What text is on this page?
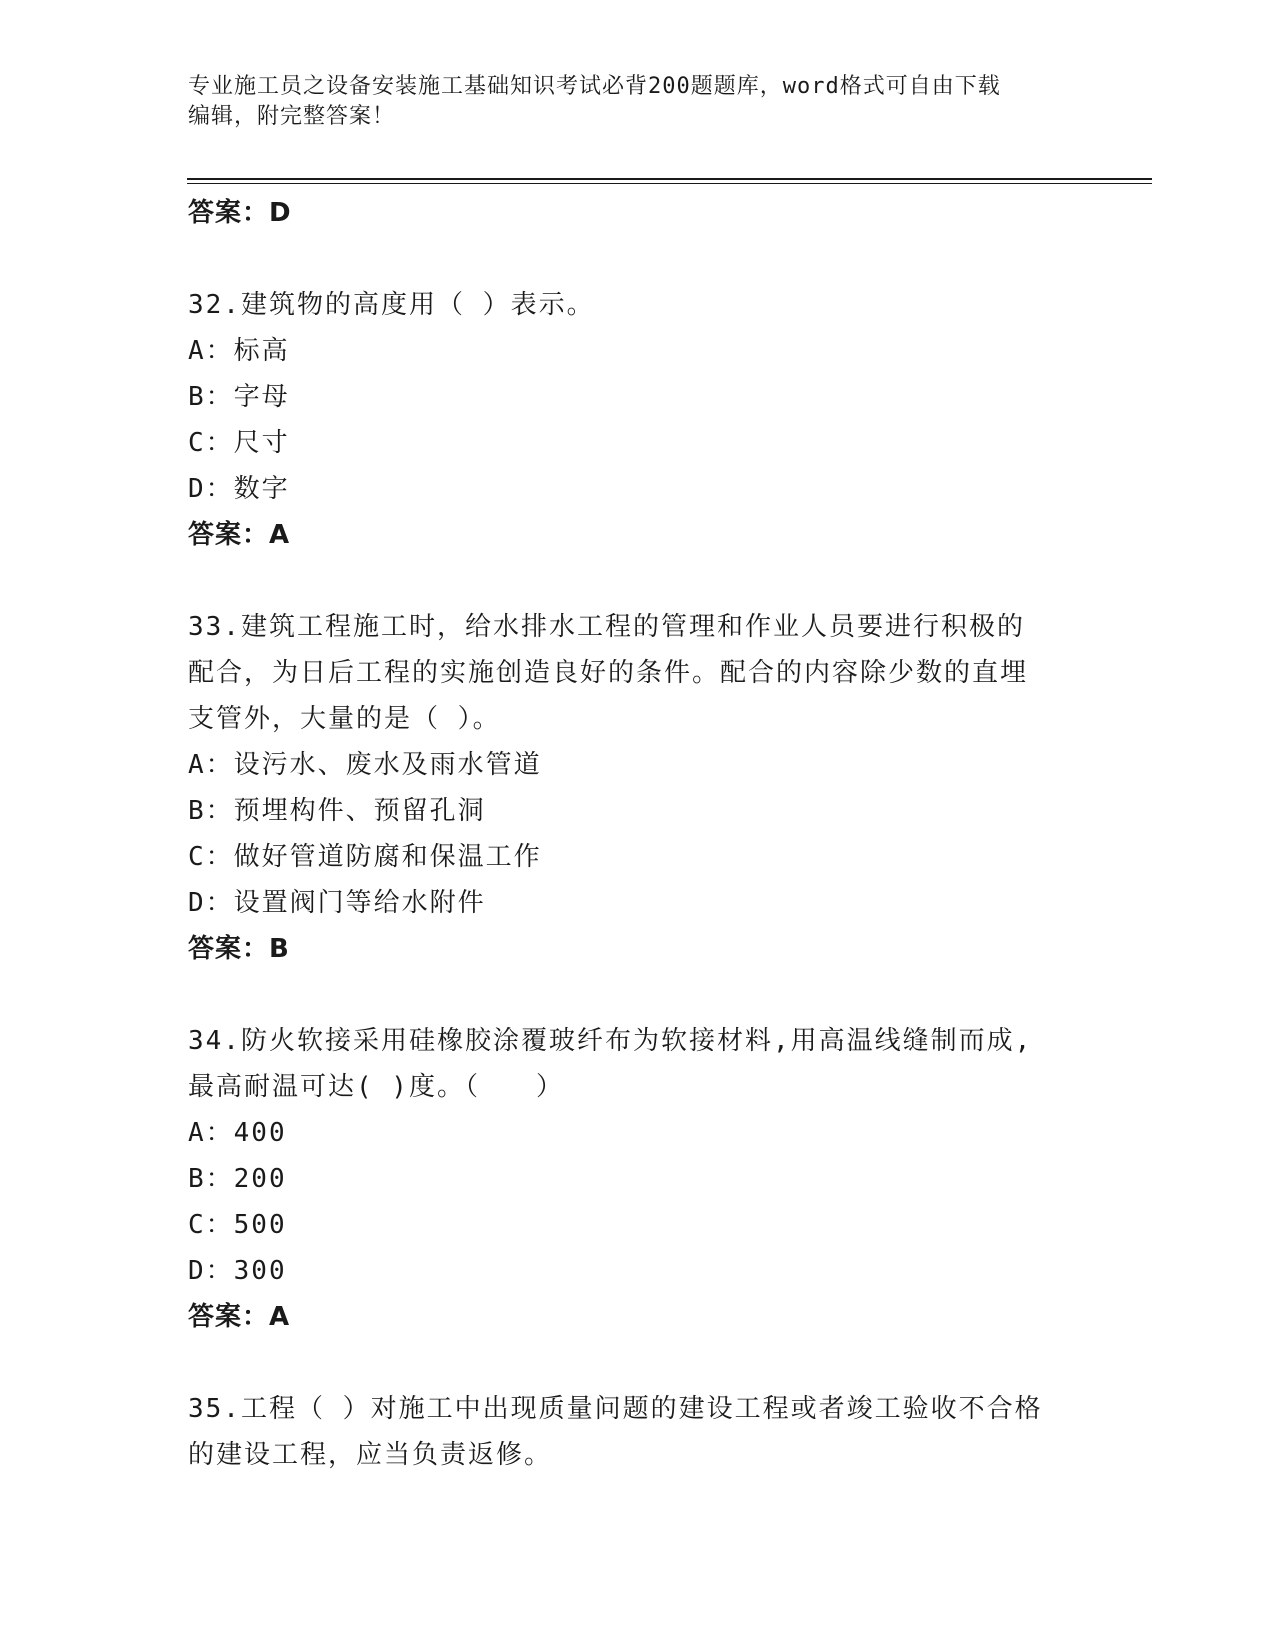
专业施工员之设备安装施工基础知识考试必背200题题库，word格式可自由下载
编辑，附完整答案！

答案：D

32.建筑物的高度用（ ）表示。

A：标高

B：字母

C：尺寸

D：数字

答案：A

33.建筑工程施工时，给水排水工程的管理和作业人员要进行积极的配合，为日后工程的实施创造良好的条件。配合的内容除少数的直埋支管外，大量的是（ ）。

A：设污水、废水及雨水管道

B：预埋构件、预留孔洞

C：做好管道防腐和保温工作

D：设置阀门等给水附件

答案：B

34.防火软接采用硅橡胶涂覆玻纤布为软接材料,用高温线缝制而成,最高耐温可达( )度。（　　）

A：400

B：200

C：500

D：300

答案：A

35.工程（ ）对施工中出现质量问题的建设工程或者竣工验收不合格的建设工程，应当负责返修。
